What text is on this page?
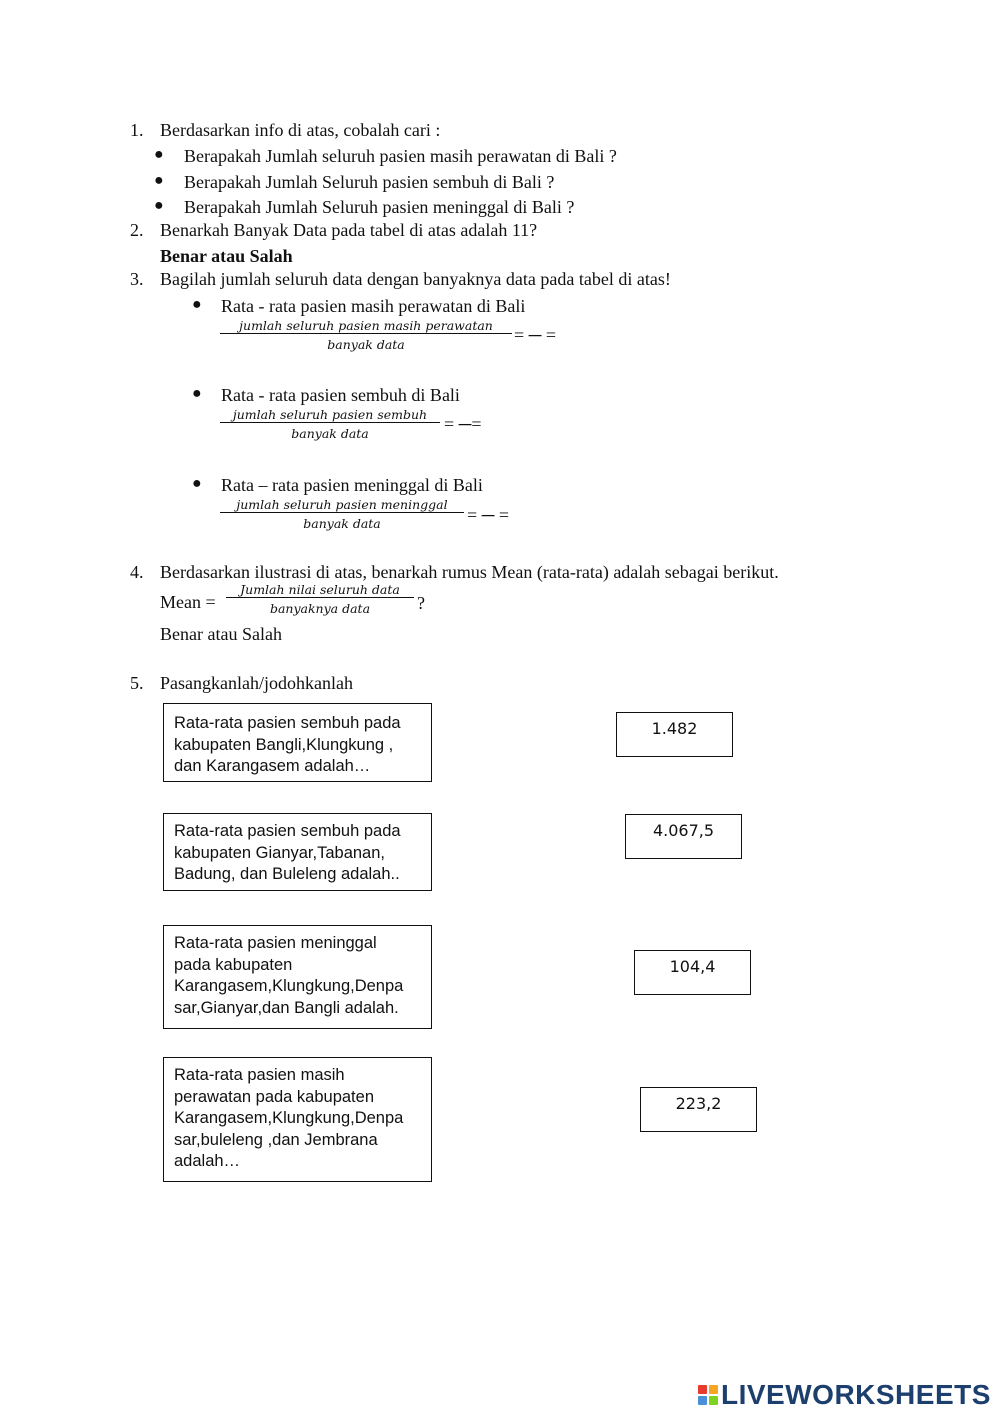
1. Berdasarkan info di atas, cobalah cari :
● Berapakah Jumlah seluruh pasien masih perawatan di Bali ?
● Berapakah Jumlah Seluruh pasien sembuh di Bali ?
● Berapakah Jumlah Seluruh pasien meninggal di Bali ?
2. Benarkah Banyak Data pada tabel di atas adalah 11?
Benar atau Salah
3. Bagilah jumlah seluruh data dengan banyaknya data pada tabel di atas!
● Rata - rata pasien masih perawatan di Bali
jumlah seluruh pasien masih perawatan
banyak data	= ─ =
● Rata - rata pasien sembuh di Bali
jumlah seluruh pasien sembuh
banyak data	= ─=
● Rata – rata pasien meninggal di Bali
jumlah seluruh pasien meninggal
banyak data	= ─ =
4. Berdasarkan ilustrasi di atas, benarkah rumus Mean (rata-rata) adalah sebagai berikut.
Mean =
Jumlah nilai seluruh data
banyaknya data	?
Benar atau Salah
5. Pasangkanlah/jodohkanlah
Rata-rata pasien sembuh pada
kabupaten Bangli,Klungkung ,
dan Karangasem adalah…
Rata-rata pasien sembuh pada
kabupaten Gianyar,Tabanan,
Badung, dan Buleleng adalah..
Rata-rata pasien meninggal
pada kabupaten
Karangasem,Klungkung,Denpa
sar,Gianyar,dan Bangli adalah.
Rata-rata pasien masih
perawatan pada kabupaten
Karangasem,Klungkung,Denpa
sar,buleleng ,dan Jembrana
adalah…
1.482
4.067,5
104,4
223,2
LIVEWORKSHEETS
